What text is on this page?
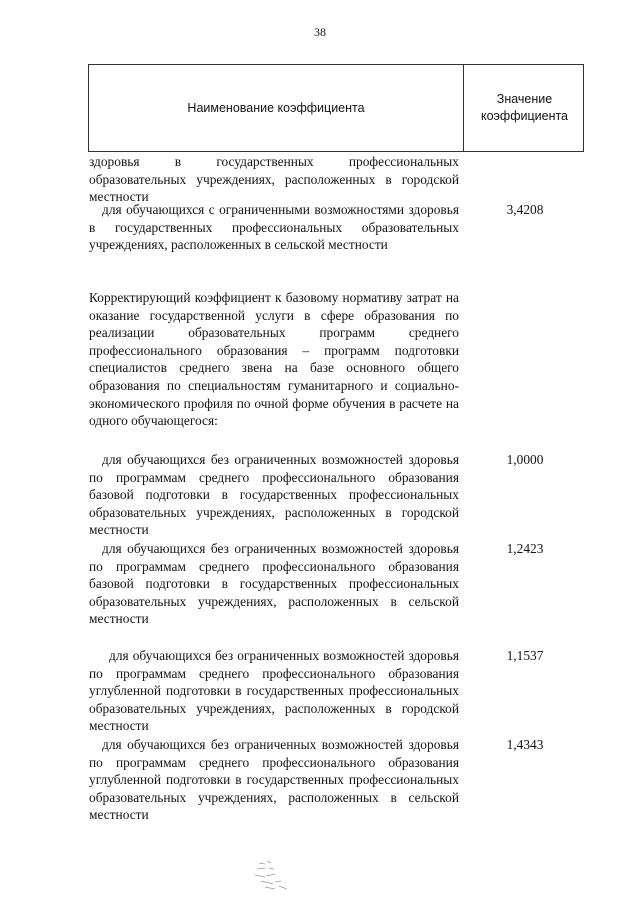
38
Наименование коэффициента
Значение
коэффициента
здоровья в государственных профессиональных образовательных учреждениях, расположенных в городской местности
для обучающихся с ограниченными возможностями здоровья в государственных профессиональных образовательных учреждениях, расположенных в сельской местности
3,4208
Корректирующий коэффициент к базовому нормативу затрат на оказание государственной услуги в сфере образования по реализации образовательных программ среднего профессионального образования – программ подготовки специалистов среднего звена на базе основного общего образования по специальностям гуманитарного и социально-экономического профиля по очной форме обучения в расчете на одного обучающегося:
для обучающихся без ограниченных возможностей здоровья по программам среднего профессионального образования базовой подготовки в государственных профессиональных образовательных учреждениях, расположенных в городской местности
1,0000
для обучающихся без ограниченных возможностей здоровья по программам среднего профессионального образования базовой подготовки в государственных профессиональных образовательных учреждениях, расположенных в сельской местности
1,2423
для обучающихся без ограниченных возможностей здоровья по программам среднего профессионального образования углубленной подготовки в государственных профессиональных образовательных учреждениях, расположенных в городской местности
1,1537
для обучающихся без ограниченных возможностей здоровья по программам среднего профессионального образования углубленной подготовки в государственных профессиональных образовательных учреждениях, расположенных в сельской местности
1,4343
